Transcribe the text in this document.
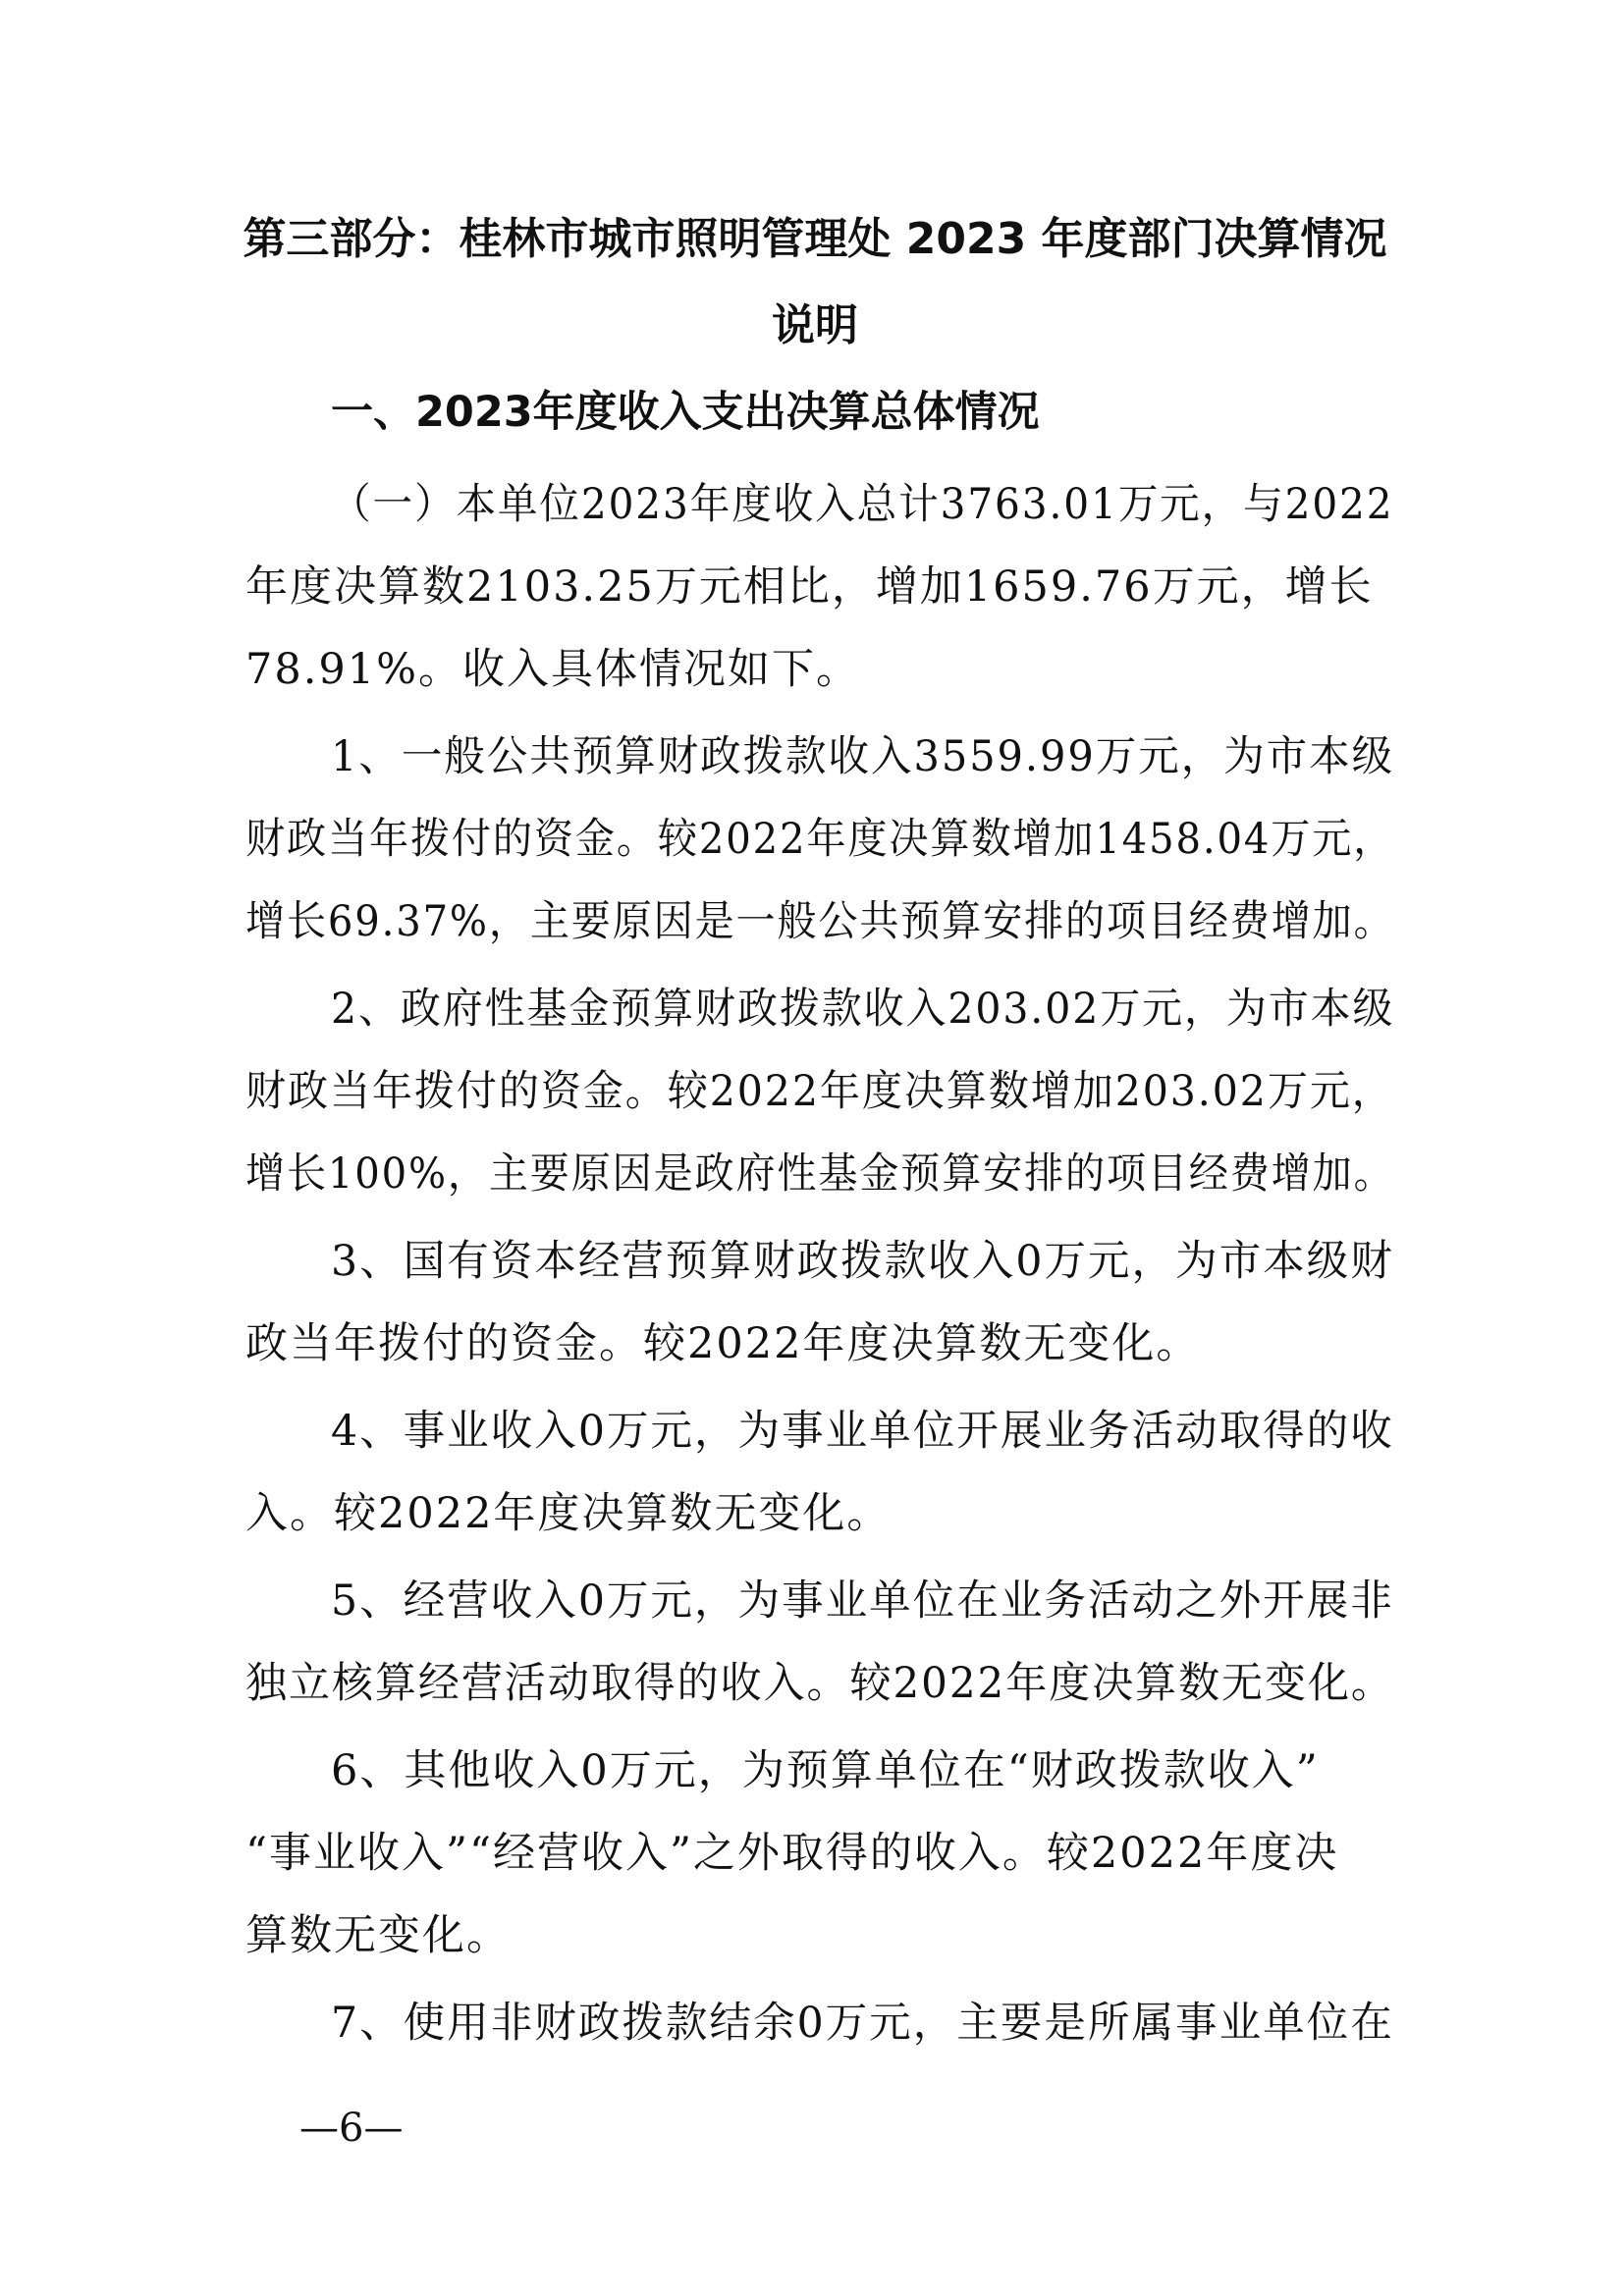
第三部分：桂林市城市照明管理处 2023 年度部门决算情况
说明
一、2023年度收入支出决算总体情况
（一）本单位2023年度收入总计3763.01万元，与2022
年度决算数2103.25万元相比，增加1659.76万元，增长
78.91%。收入具体情况如下。
1、一般公共预算财政拨款收入3559.99万元，为市本级
财政当年拨付的资金。较2022年度决算数增加1458.04万元，
增长69.37%，主要原因是一般公共预算安排的项目经费增加。
2、政府性基金预算财政拨款收入203.02万元，为市本级
财政当年拨付的资金。较2022年度决算数增加203.02万元，
增长100%，主要原因是政府性基金预算安排的项目经费增加。
3、国有资本经营预算财政拨款收入0万元，为市本级财
政当年拨付的资金。较2022年度决算数无变化。
4、事业收入0万元，为事业单位开展业务活动取得的收
入。较2022年度决算数无变化。
5、经营收入0万元，为事业单位在业务活动之外开展非
独立核算经营活动取得的收入。较2022年度决算数无变化。
6、其他收入0万元，为预算单位在“财政拨款收入”
“事业收入”“经营收入”之外取得的收入。较2022年度决
算数无变化。
7、使用非财政拨款结余0万元，主要是所属事业单位在
—6—
